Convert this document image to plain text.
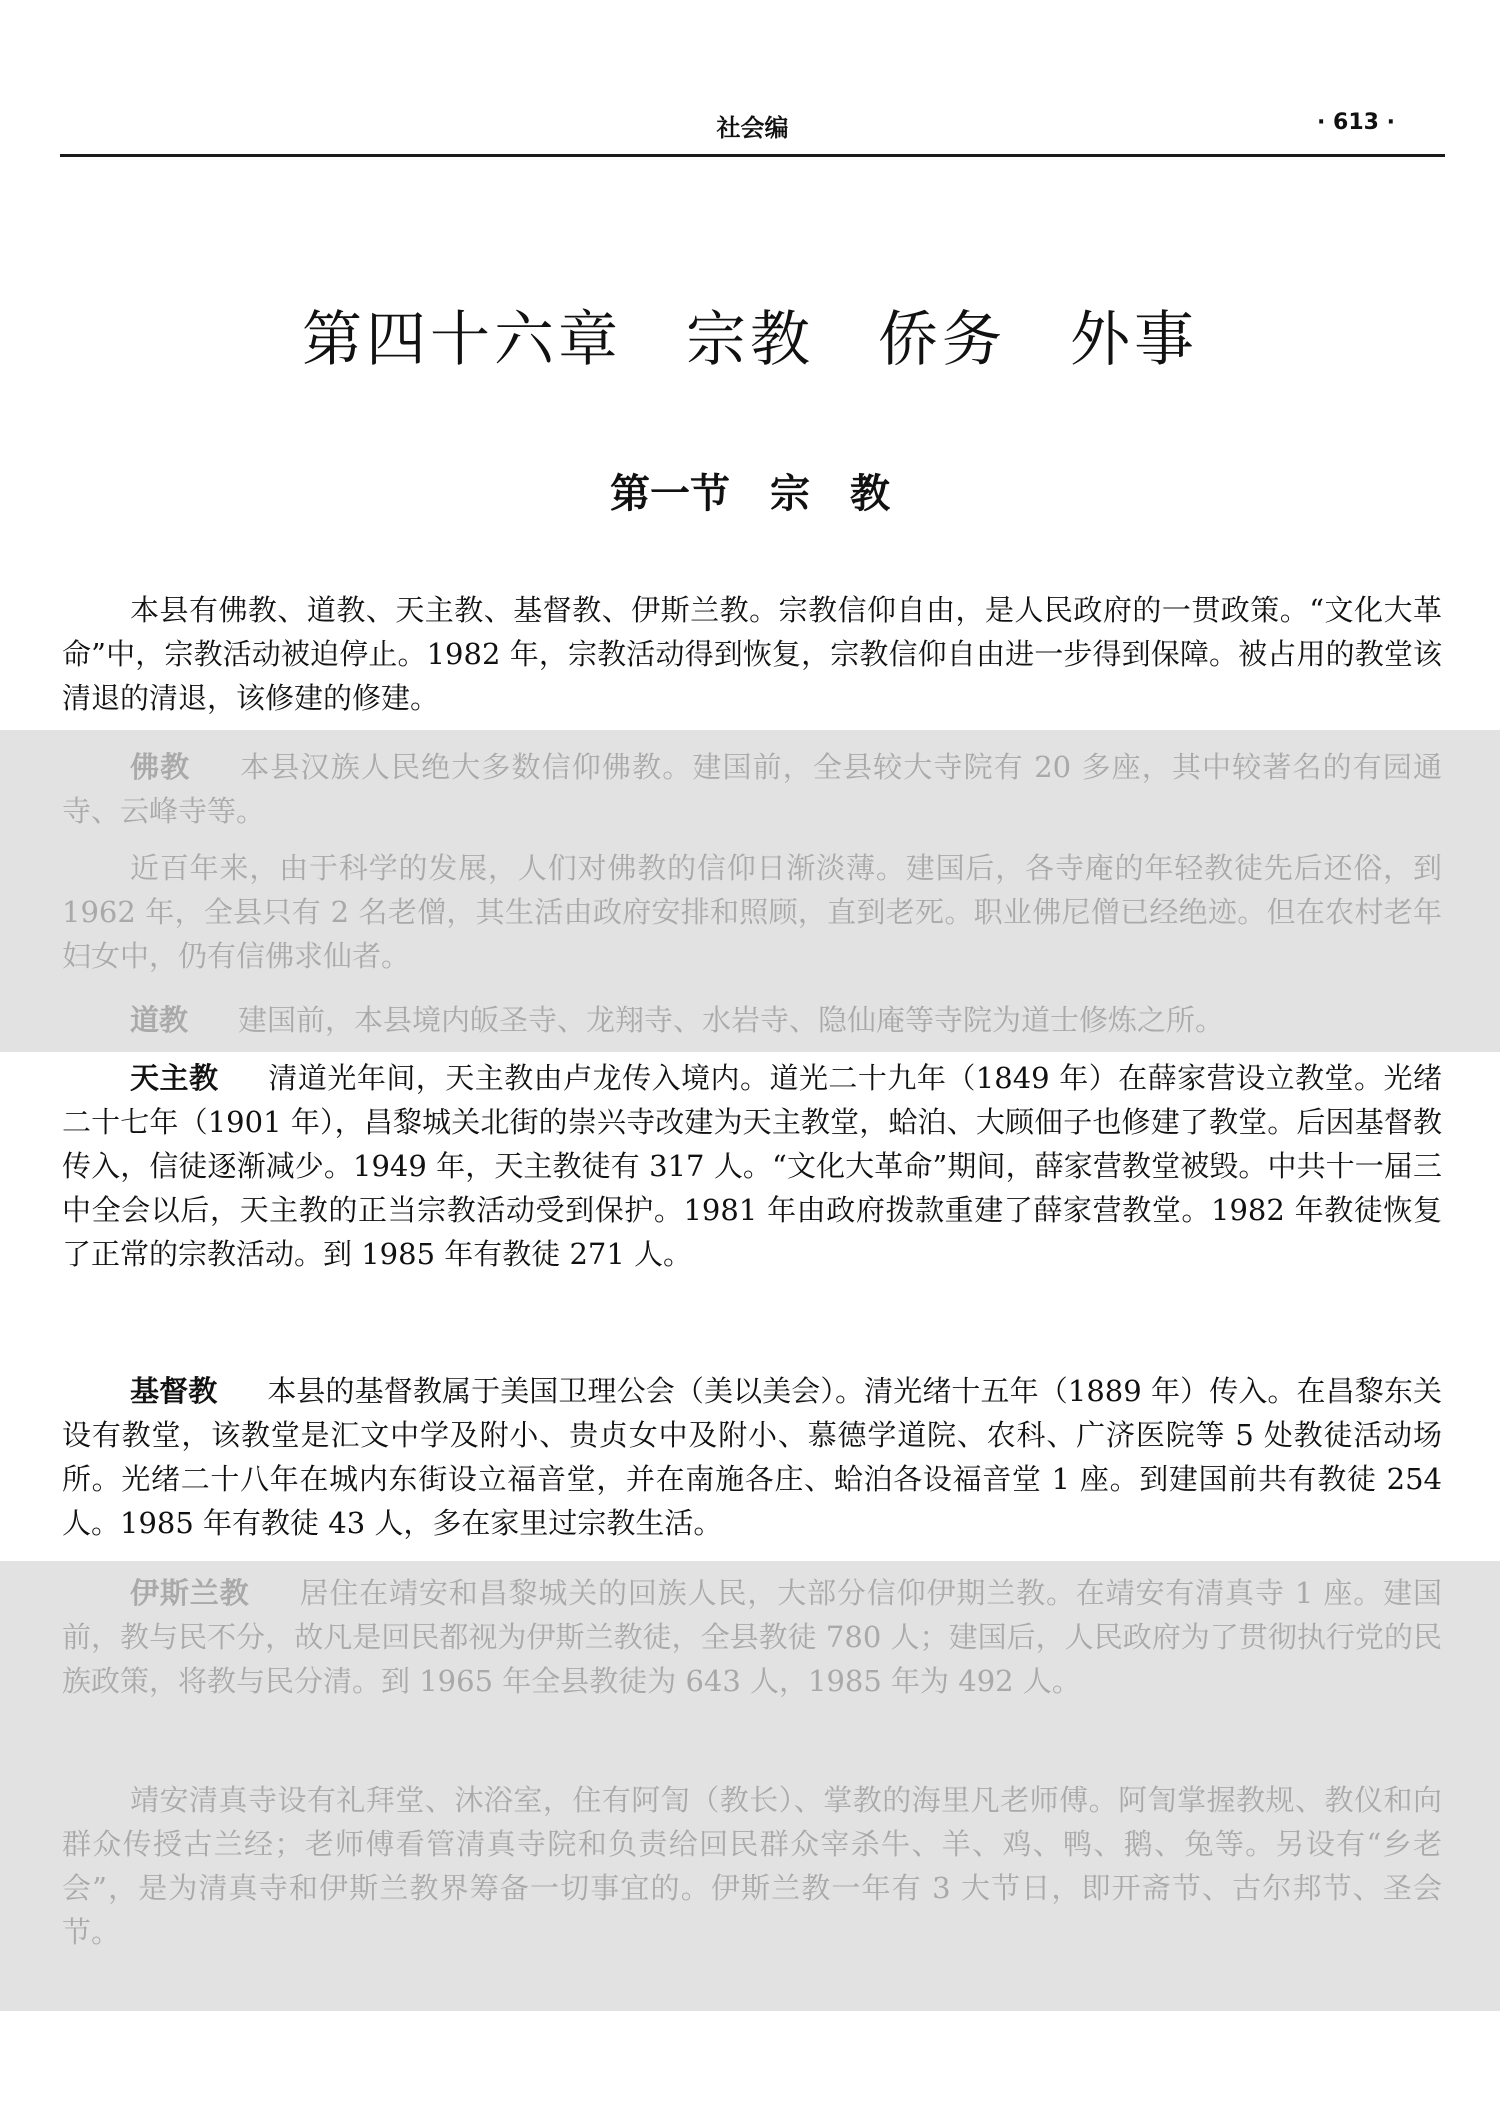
社会编	· 613 ·
第四十六章　宗教　侨务　外事
第一节　宗　教

本县有佛教、道教、天主教、基督教、伊斯兰教。宗教信仰自由，是人民政府的一贯政策。“文化大革命”中，宗教活动被迫停止。1982 年，宗教活动得到恢复，宗教信仰自由进一步得到保障。被占用的教堂该清退的清退，该修建的修建。

佛教 本县汉族人民绝大多数信仰佛教。建国前，全县较大寺院有 20 多座，其中较著名的有园通寺、云峰寺等。

近百年来，由于科学的发展，人们对佛教的信仰日渐淡薄。建国后，各寺庵的年轻教徒先后还俗，到 1962 年，全县只有 2 名老僧，其生活由政府安排和照顾，直到老死。职业佛尼僧已经绝迹。但在农村老年妇女中，仍有信佛求仙者。

道教 建国前，本县境内皈圣寺、龙翔寺、水岩寺、隐仙庵等寺院为道士修炼之所。

天主教 清道光年间，天主教由卢龙传入境内。道光二十九年（1849 年）在薛家营设立教堂。光绪二十七年（1901 年），昌黎城关北街的崇兴寺改建为天主教堂，蛤泊、大顾佃子也修建了教堂。后因基督教传入，信徒逐渐减少。1949 年，天主教徒有 317 人。“文化大革命”期间，薛家营教堂被毁。中共十一届三中全会以后，天主教的正当宗教活动受到保护。1981 年由政府拨款重建了薛家营教堂。1982 年教徒恢复了正常的宗教活动。到 1985 年有教徒 271 人。

基督教 本县的基督教属于美国卫理公会（美以美会）。清光绪十五年（1889 年）传入。在昌黎东关设有教堂，该教堂是汇文中学及附小、贵贞女中及附小、慕德学道院、农科、广济医院等 5 处教徒活动场所。光绪二十八年在城内东街设立福音堂，并在南施各庄、蛤泊各设福音堂 1 座。到建国前共有教徒 254 人。1985 年有教徒 43 人，多在家里过宗教生活。

伊斯兰教 居住在靖安和昌黎城关的回族人民，大部分信仰伊期兰教。在靖安有清真寺 1 座。建国前，教与民不分，故凡是回民都视为伊斯兰教徒，全县教徒 780 人；建国后，人民政府为了贯彻执行党的民族政策，将教与民分清。到 1965 年全县教徒为 643 人，1985 年为 492 人。

靖安清真寺设有礼拜堂、沐浴室，住有阿訇（教长）、掌教的海里凡老师傅。阿訇掌握教规、教仪和向群众传授古兰经；老师傅看管清真寺院和负责给回民群众宰杀牛、羊、鸡、鸭、鹅、兔等。另设有“乡老会”，是为清真寺和伊斯兰教界筹备一切事宜的。伊斯兰教一年有 3 大节日，即开斋节、古尔邦节、圣会节。
